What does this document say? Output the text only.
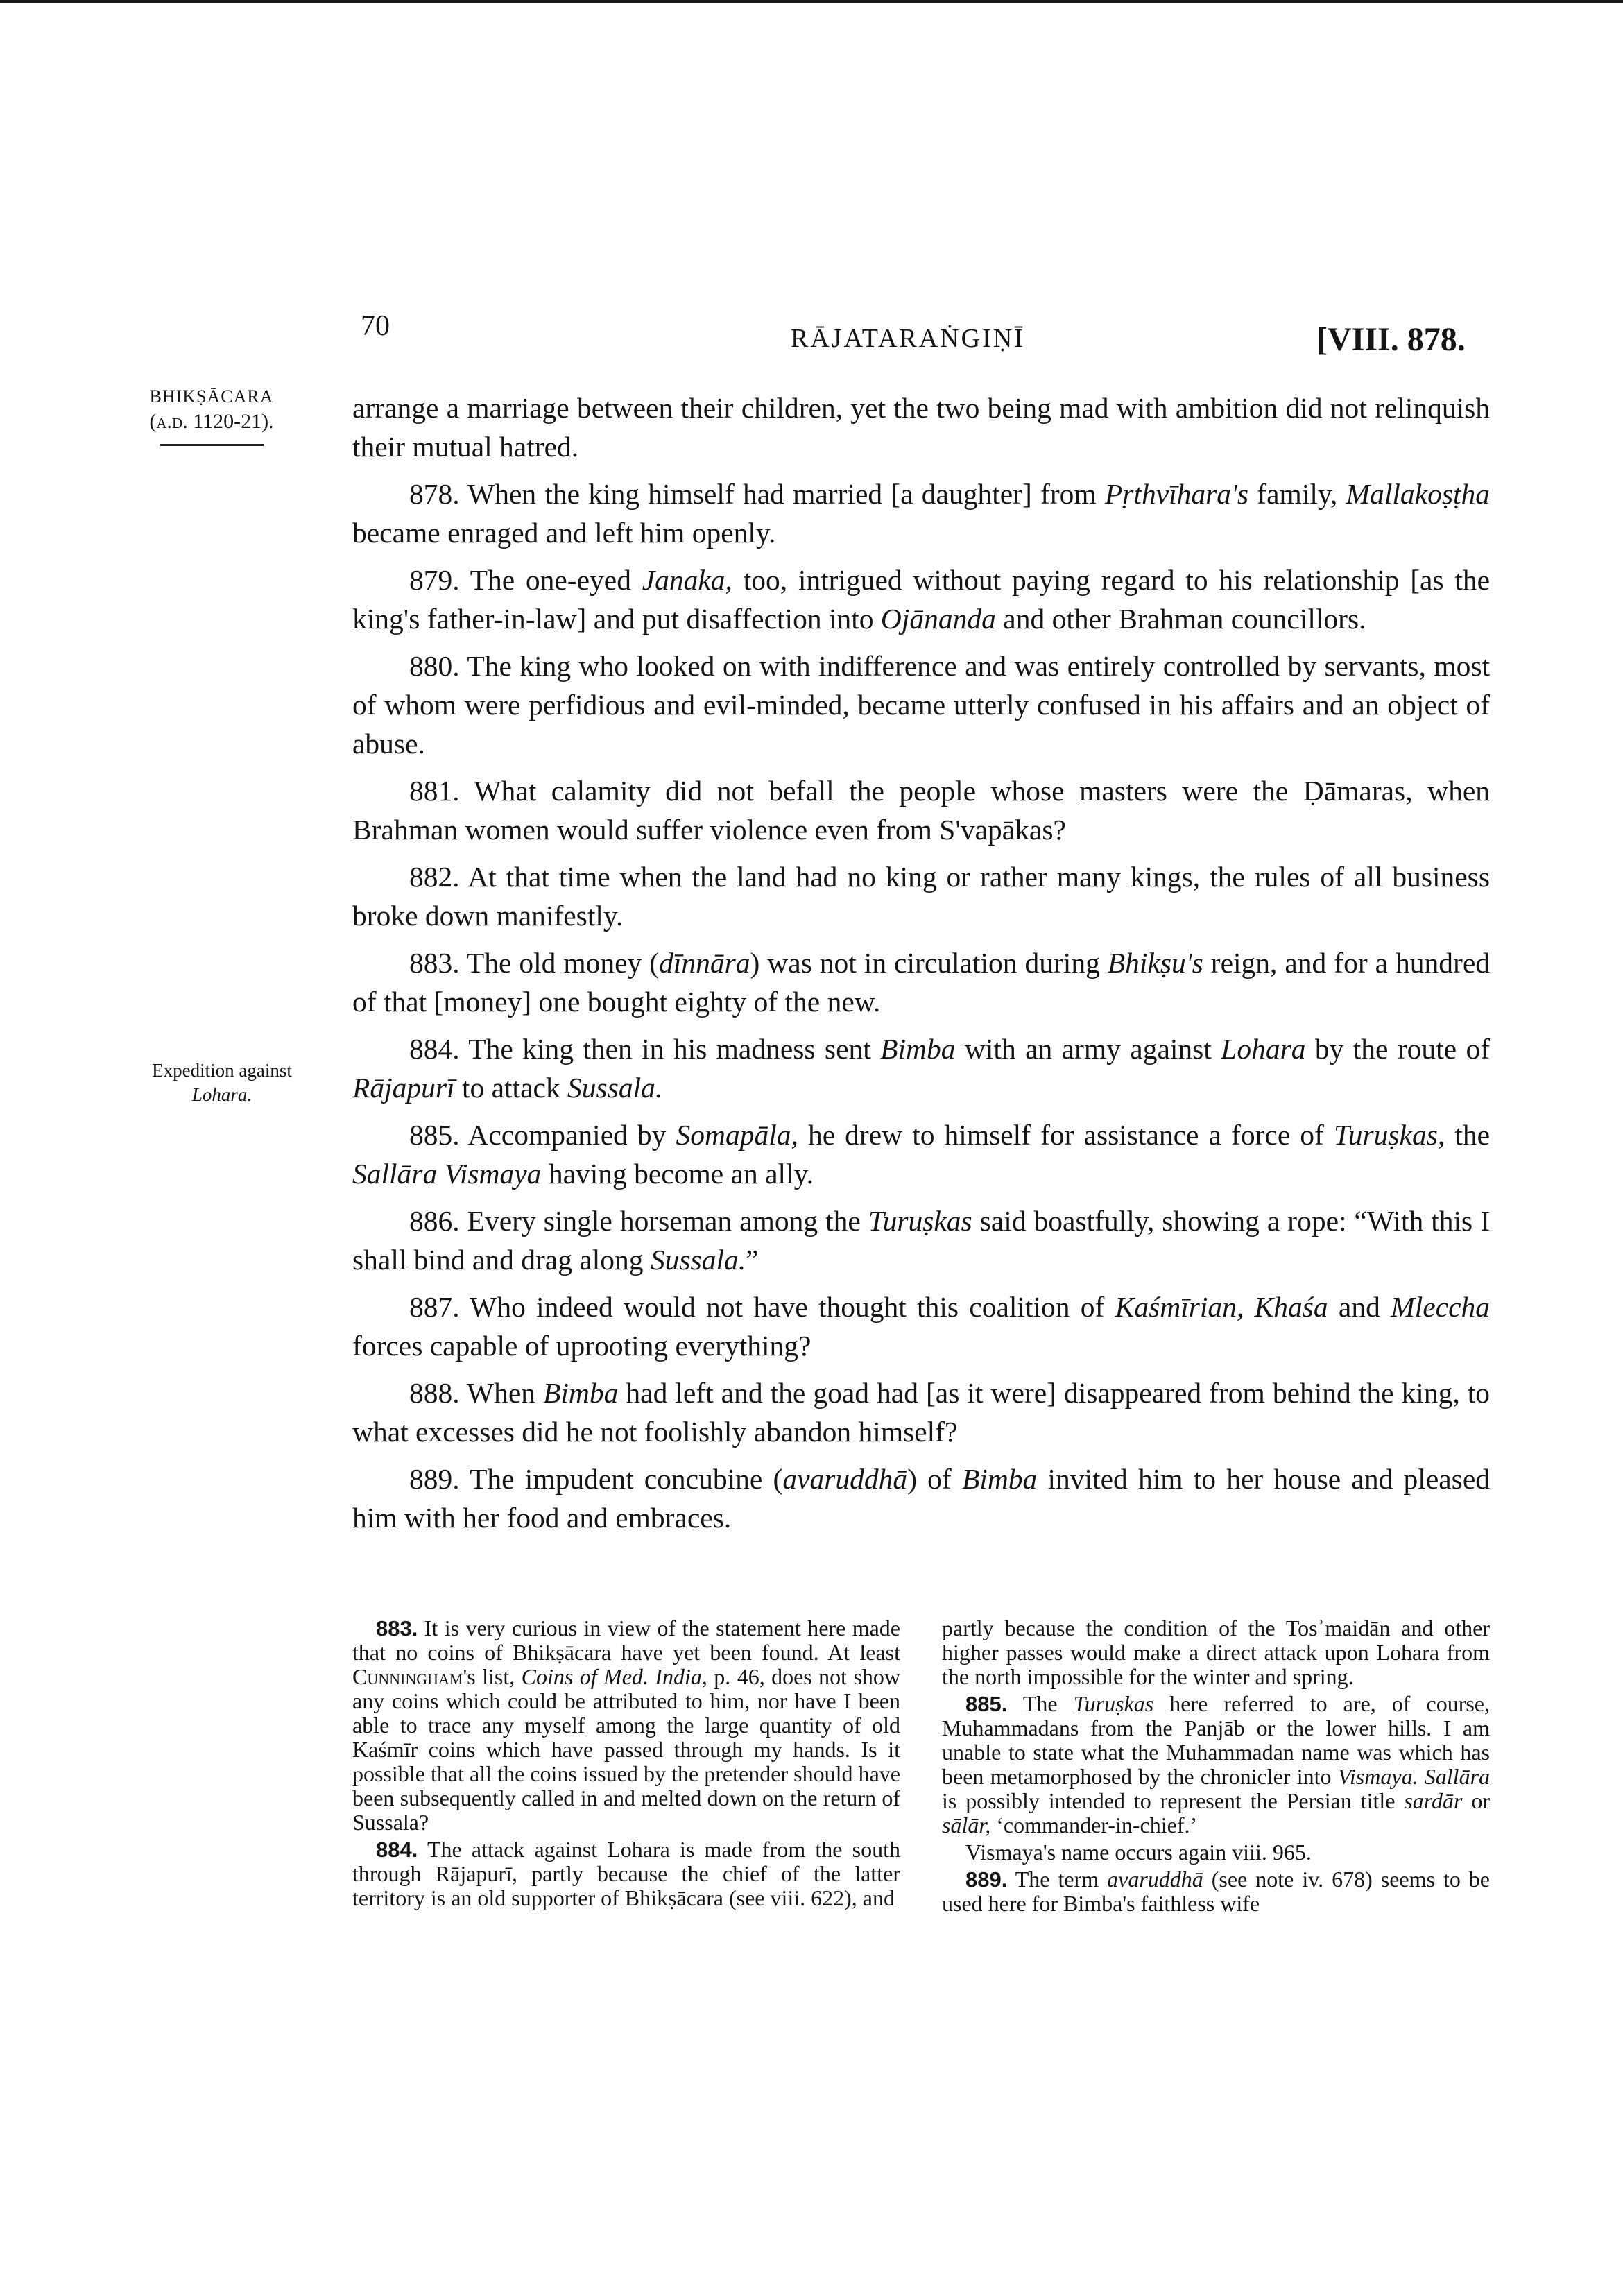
70	RĀJATARAṄGIṆĪ	[VIII. 878.
BHIKṢĀCARA
(a.d. 1120-21).
Expedition against
Lohara.

arrange a marriage between their children, yet the two being mad with ambition did not relinquish their mutual hatred.

878. When the king himself had married [a daughter] from Pṛthvīhara's family, Mallakoṣṭha became enraged and left him openly.

879. The one-eyed Janaka, too, intrigued without paying regard to his relationship [as the king's father-in-law] and put disaffection into Ojānanda and other Brahman councillors.

880. The king who looked on with indifference and was entirely controlled by servants, most of whom were perfidious and evil-minded, became utterly confused in his affairs and an object of abuse.

881. What calamity did not befall the people whose masters were the Ḍāmaras, when Brahman women would suffer violence even from S'vapākas?

882. At that time when the land had no king or rather many kings, the rules of all business broke down manifestly.

883. The old money (dīnnāra) was not in circulation during Bhikṣu's reign, and for a hundred of that [money] one bought eighty of the new.

884. The king then in his madness sent Bimba with an army against Lohara by the route of Rājapurī to attack Sussala.

885. Accompanied by Somapāla, he drew to himself for assistance a force of Turuṣkas, the Sallāra Vismaya having become an ally.

886. Every single horseman among the Turuṣkas said boastfully, showing a rope: “With this I shall bind and drag along Sussala.”

887. Who indeed would not have thought this coalition of Kaśmīrian, Khaśa and Mleccha forces capable of uprooting everything?

888. When Bimba had left and the goad had [as it were] disappeared from behind the king, to what excesses did he not foolishly abandon himself?

889. The impudent concubine (avaruddhā) of Bimba invited him to her house and pleased him with her food and embraces.

883. It is very curious in view of the statement here made that no coins of Bhikṣācara have yet been found. At least Cunningham's list, Coins of Med. India, p. 46, does not show any coins which could be attributed to him, nor have I been able to trace any myself among the large quantity of old Kaśmīr coins which have passed through my hands. Is it possible that all the coins issued by the pretender should have been subsequently called in and melted down on the return of Sussala?

884. The attack against Lohara is made from the south through Rājapurī, partly because the chief of the latter territory is an old supporter of Bhikṣācara (see viii. 622), and

partly because the condition of the Tosʾmaidān and other higher passes would make a direct attack upon Lohara from the north impossible for the winter and spring.

885. The Turuṣkas here referred to are, of course, Muhammadans from the Panjāb or the lower hills. I am unable to state what the Muhammadan name was which has been metamorphosed by the chronicler into Vismaya. Sallāra is possibly intended to represent the Persian title sardār or sālār, ‘commander-in-chief.’

Vismaya's name occurs again viii. 965.

889. The term avaruddhā (see note iv. 678) seems to be used here for Bimba's faithless wife
